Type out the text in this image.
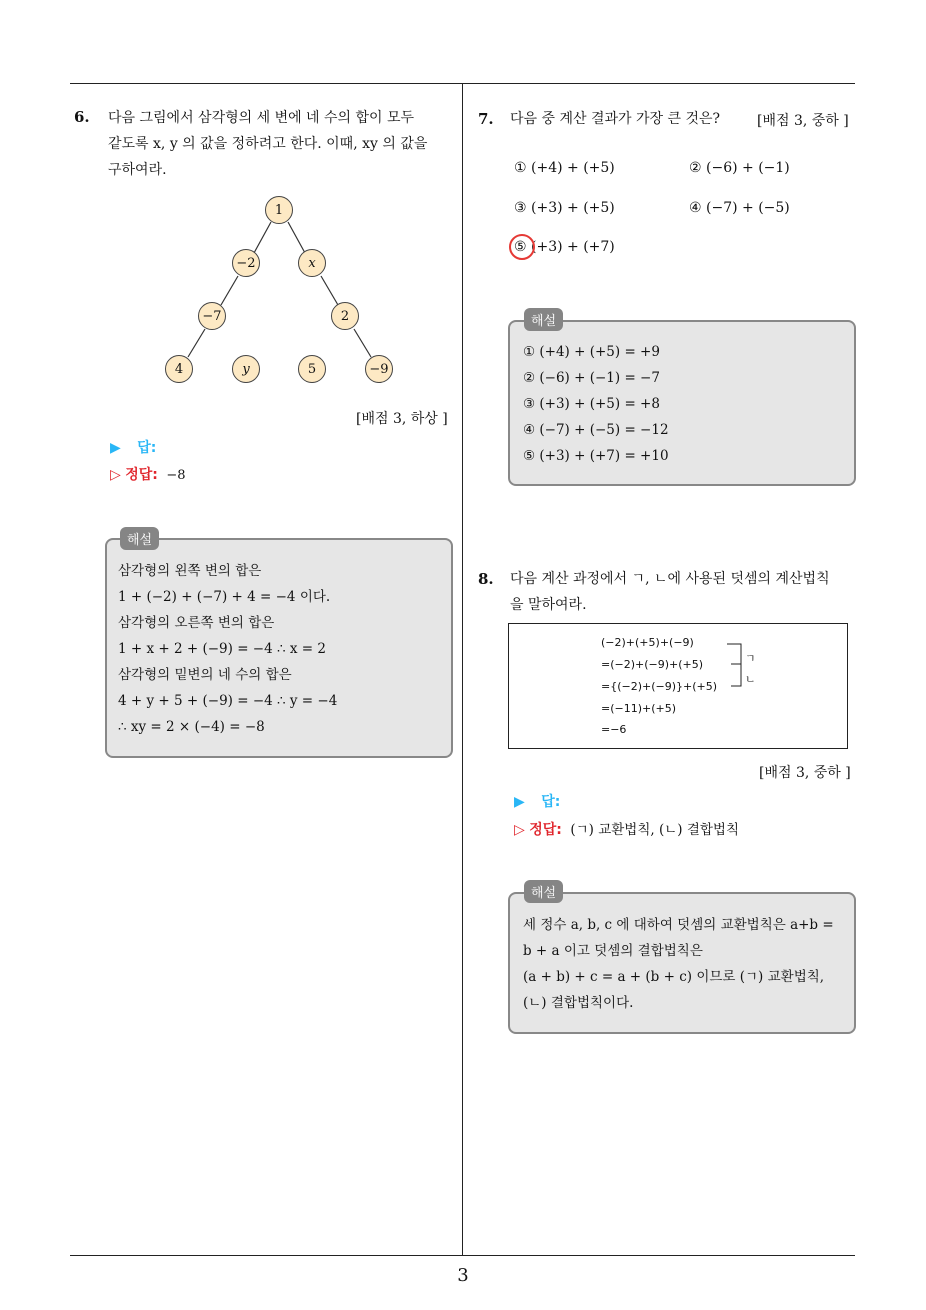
6. 다음 그림에서 삼각형의 세 변에 네 수의 합이 모두
같도록 x, y 의 값을 정하려고 한다. 이때, xy 의 값을
구하여라.
1
−2	x
−7	2
4	y	5	−9
[배점 3, 하상 ]
▶ 답:
▷ 정답: −8
삼각형의 왼쪽 변의 합은
1 + (−2) + (−7) + 4 = −4 이다.
삼각형의 오른쪽 변의 합은
1 + x + 2 + (−9) = −4 ∴ x = 2
삼각형의 밑변의 네 수의 합은
4 + y + 5 + (−9) = −4 ∴ y = −4
∴ xy = 2 × (−4) = −8
해설
7. 다음 중 계산 결과가 가장 큰 것은?	[배점 3, 중하 ]
① (+4) + (+5)	② (−6) + (−1)
③ (+3) + (+5)	④ (−7) + (−5)
⑤ (+3) + (+7)
① (+4) + (+5) = +9
② (−6) + (−1) = −7
③ (+3) + (+5) = +8
④ (−7) + (−5) = −12
⑤ (+3) + (+7) = +10
해설
8. 다음 계산 과정에서 ㄱ, ㄴ에 사용된 덧셈의 계산법칙
을 말하여라.
(−2)+(+5)+(−9)
=(−2)+(−9)+(+5)
={(−2)+(−9)}+(+5)
=(−11)+(+5)
=−6
ㄱ
ㄴ
[배점 3, 중하 ]
▶ 답:
▷ 정답: (ㄱ) 교환법칙, (ㄴ) 결합법칙
세 정수 a, b, c 에 대하여 덧셈의 교환법칙은 a+b =
b + a 이고 덧셈의 결합법칙은
(a + b) + c = a + (b + c) 이므로 (ㄱ) 교환법칙,
(ㄴ) 결합법칙이다.
해설
3
